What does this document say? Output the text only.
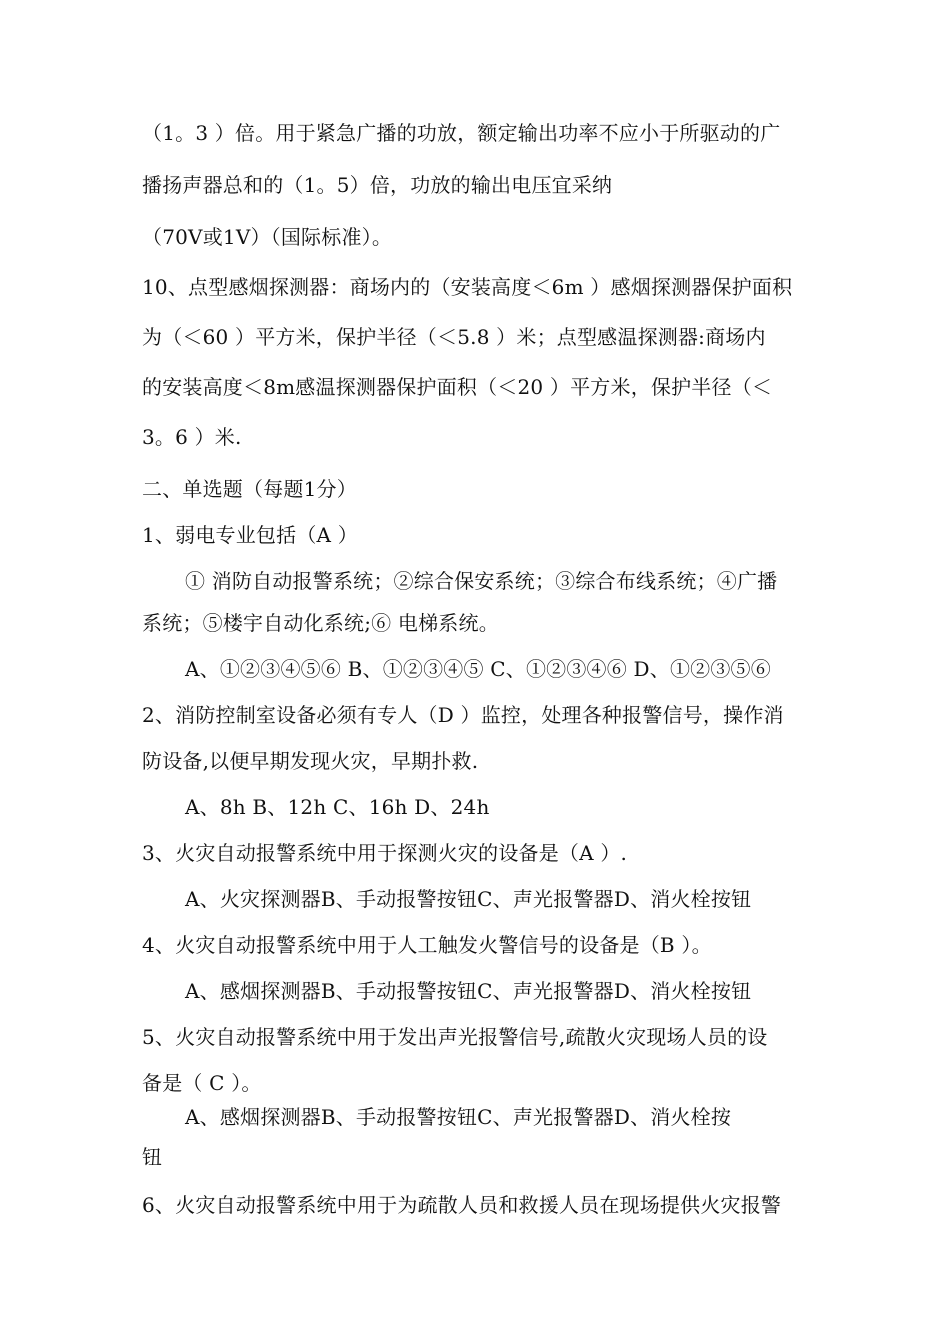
（1。3 ）倍。用于紧急广播的功放，额定输出功率不应小于所驱动的广
播扬声器总和的（1。5）倍，功放的输出电压宜采纳
（70V或1V）（国际标准）。
10、点型感烟探测器：商场内的（安装高度＜6m ）感烟探测器保护面积
为（＜60 ）平方米，保护半径（＜5.8 ）米；点型感温探测器:商场内
的安装高度＜8m感温探测器保护面积（＜20 ）平方米，保护半径（＜
3。6 ）米.
二、单选题（每题1分）
1、弱电专业包括（A ）
① 消防自动报警系统；②综合保安系统；③综合布线系统；④广播
系统；⑤楼宇自动化系统;⑥ 电梯系统。
A、①②③④⑤⑥ B、①②③④⑤ C、①②③④⑥ D、①②③⑤⑥
2、消防控制室设备必须有专人（D ）监控，处理各种报警信号，操作消
防设备,以便早期发现火灾，早期扑救.
A、8h B、12h C、16h D、24h
3、火灾自动报警系统中用于探测火灾的设备是（A ）.
A、火灾探测器B、手动报警按钮C、声光报警器D、消火栓按钮
4、火灾自动报警系统中用于人工触发火警信号的设备是（B ）。
A、感烟探测器B、手动报警按钮C、声光报警器D、消火栓按钮
5、火灾自动报警系统中用于发出声光报警信号,疏散火灾现场人员的设
备是（ C ）。
A、感烟探测器B、手动报警按钮C、声光报警器D、消火栓按
钮
6、火灾自动报警系统中用于为疏散人员和救援人员在现场提供火灾报警
